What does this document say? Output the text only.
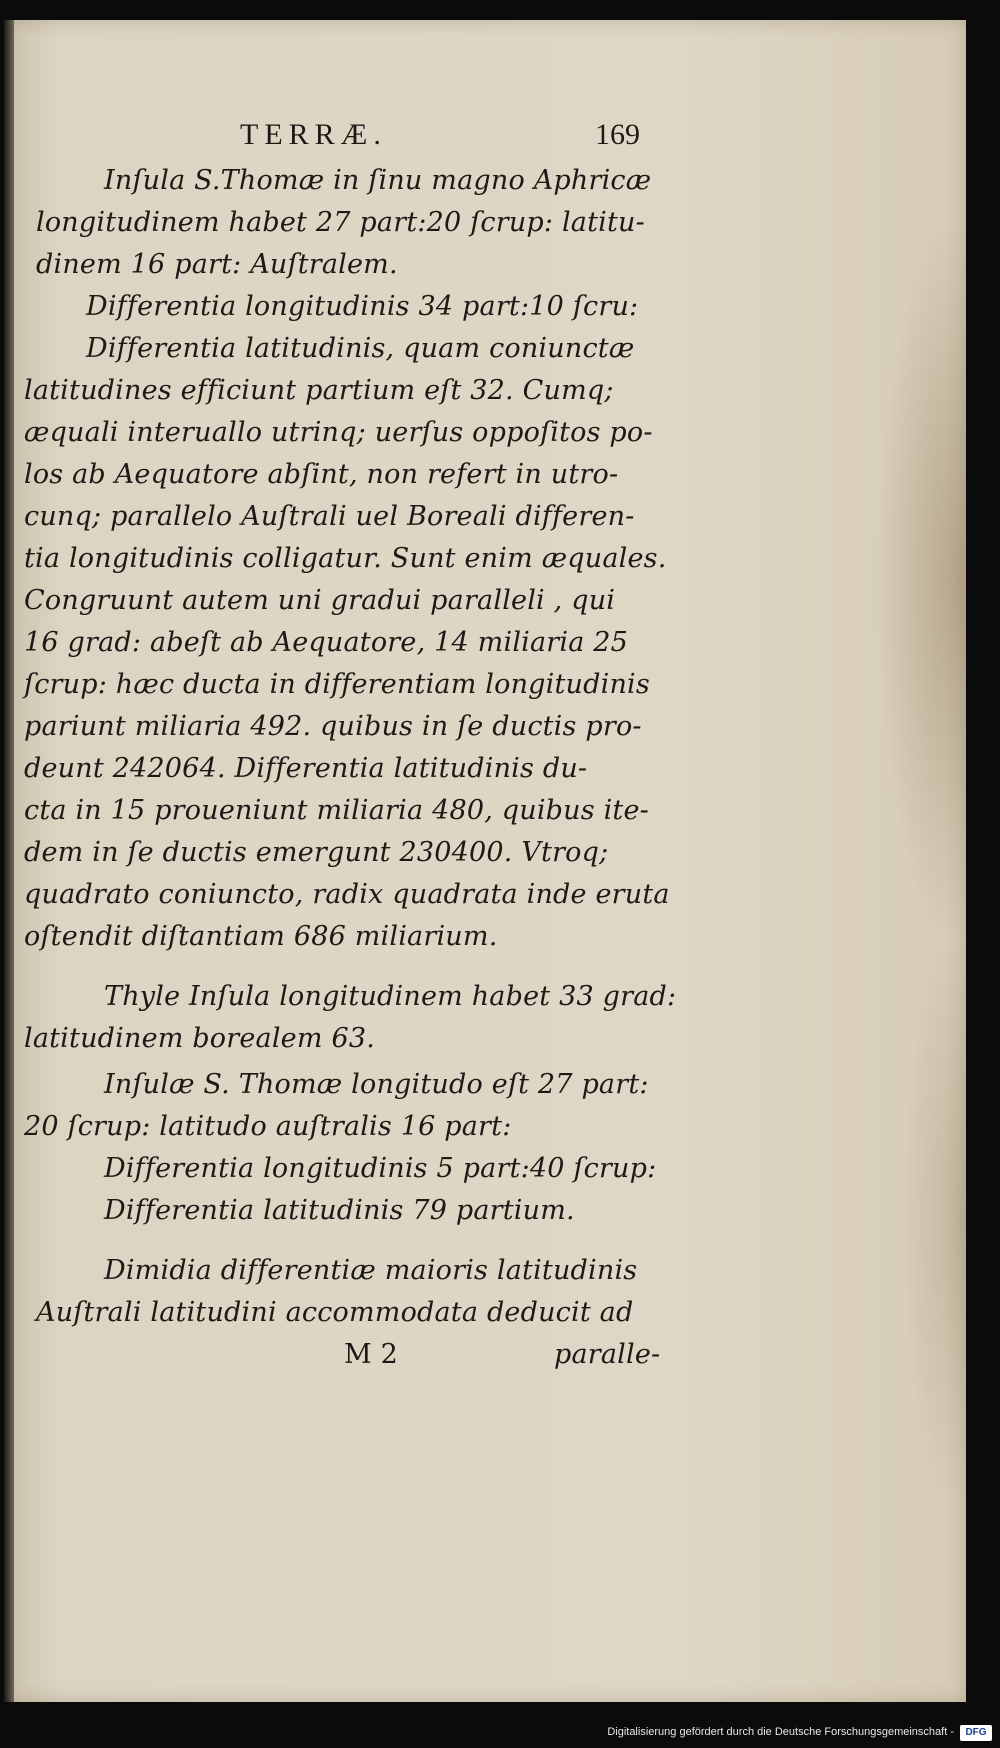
TERRÆ.	169
Inſula S.Thomæ in ſinu magno Aphricæ
longitudinem habet 27 part:20 ſcrup: latitu-
dinem 16 part: Auſtralem.
Differentia longitudinis 34 part:10 ſcru:
Differentia latitudinis, quam coniunctæ
latitudines efficiunt partium eſt 32. Cumq;
æquali interuallo utrinq; uerſus oppoſitos po-
los ab Aequatore abſint, non refert in utro-
cunq; parallelo Auſtrali uel Boreali differen-
tia longitudinis colligatur. Sunt enim æquales.
Congruunt autem uni gradui paralleli , qui
16 grad: abeſt ab Aequatore, 14 miliaria 25
ſcrup: hæc ducta in differentiam longitudinis
pariunt miliaria 492. quibus in ſe ductis pro-
deunt 242064. Differentia latitudinis du-
cta in 15 proueniunt miliaria 480, quibus ite-
dem in ſe ductis emergunt 230400. Vtroq;
quadrato coniuncto, radix quadrata inde eruta
oſtendit diſtantiam 686 miliarium.
Thyle Inſula longitudinem habet 33 grad:
latitudinem borealem 63.
Inſulæ S. Thomæ longitudo eſt 27 part:
20 ſcrup: latitudo auſtralis 16 part:
Differentia longitudinis 5 part:40 ſcrup:
Differentia latitudinis 79 partium.
Dimidia differentiæ maioris latitudinis
Auſtrali latitudini accommodata deducit ad
M 2	paralle-
Digitalisierung gefördert durch die Deutsche Forschungsgemeinschaft -	DFG
